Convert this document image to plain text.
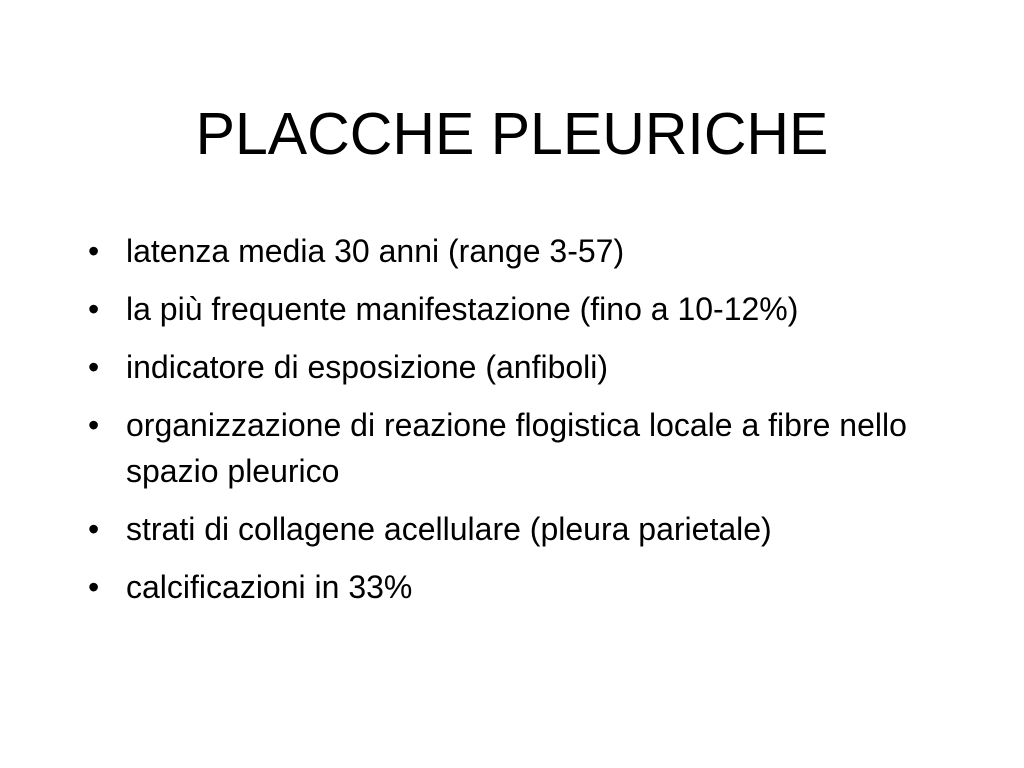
PLACCHE PLEURICHE
• latenza media 30 anni (range 3-57)
• la più frequente manifestazione (fino a 10-12%)
• indicatore di esposizione (anfiboli)
• organizzazione di reazione flogistica locale a fibre nello spazio pleurico
• strati di collagene acellulare (pleura parietale)
• calcificazioni in 33%
